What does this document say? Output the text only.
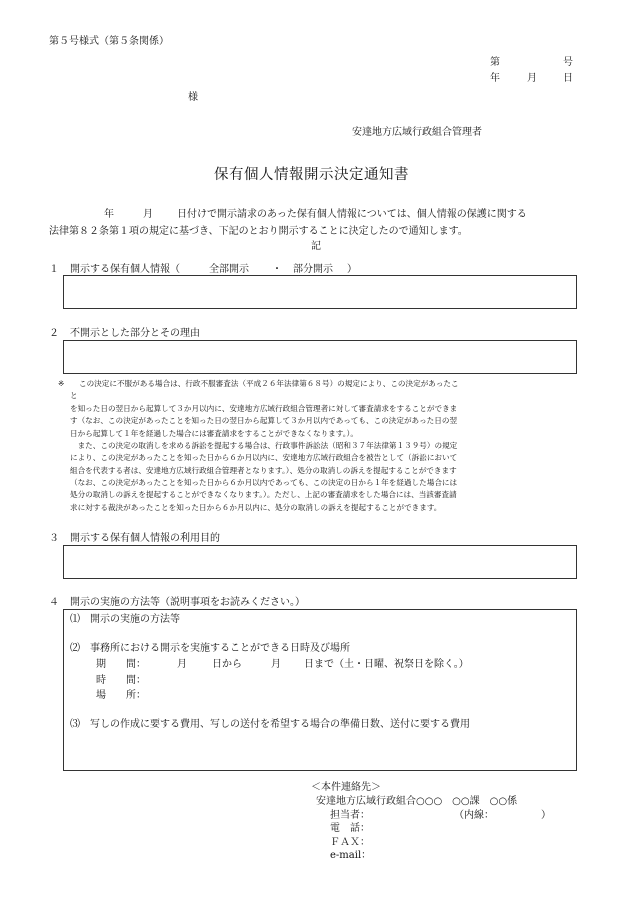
第５号様式（第５条関係）
第	号
年	月	日
様
安達地方広域行政組合管理者
保有個人情報開示決定通知書
年	月 日付けで開示請求のあった保有個人情報については、個人情報の保護に関する
法律第８２条第１項の規定に基づき、下記のとおり開示することに決定したので通知します。
記
１ 開示する保有個人情報（	全部開示 ・ 部分開示 ）
２ 不開示とした部分とその理由
※ この決定に不服がある場合は、行政不服審査法（平成２６年法律第６８号）の規定により、この決定があったこ
と
を知った日の翌日から起算して３か月以内に、安達地方広域行政組合管理者に対して審査請求をすることができま
す（なお、この決定があったことを知った日の翌日から起算して３か月以内であっても、この決定があった日の翌
日から起算して１年を経過した場合には審査請求をすることができなくなります。）。
　また、この決定の取消しを求める訴訟を提起する場合は、行政事件訴訟法（昭和３７年法律第１３９号）の規定
により、この決定があったことを知った日から６か月以内に、安達地方広域行政組合を被告として（訴訟において
組合を代表する者は、安達地方広域行政組合管理者となります。）、処分の取消しの訴えを提起することができます
（なお、この決定があったことを知った日から６か月以内であっても、この決定の日から１年を経過した場合には
処分の取消しの訴えを提起することができなくなります。）。ただし、上記の審査請求をした場合には、当該審査請
求に対する裁決があったことを知った日から６か月以内に、処分の取消しの訴えを提起することができます。
３ 開示する保有個人情報の利用目的
４ 開示の実施の方法等（説明事項をお読みください。）
⑴　開示の実施の方法等
⑵　事務所における開示を実施することができる日時及び場所
期　　間：	月	日から	月 日まで（土・日曜、祝祭日を除く。）
時　　間：
場　　所：
⑶　写しの作成に要する費用、写しの送付を希望する場合の準備日数、送付に要する費用
＜本件連絡先＞
安達地方広域行政組合○○○　○○課　○○係
担当者：	（内線：	）
電　話：
ＦＡＸ：
e-mail：
